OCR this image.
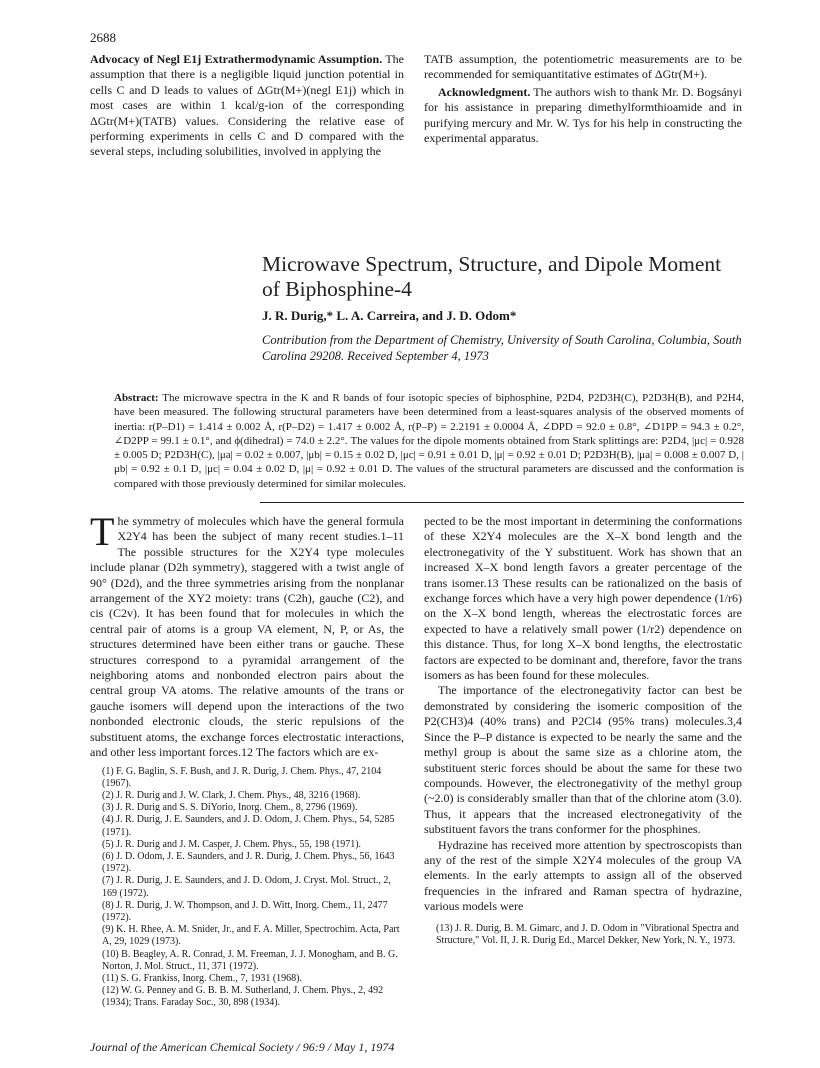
2688

Advocacy of Negl E1j Extrathermodynamic Assumption. The assumption that there is a negligible liquid junction potential in cells C and D leads to values of ΔGtr(M+)(negl E1j) which in most cases are within 1 kcal/g-ion of the corresponding ΔGtr(M+)(TATB) values. Considering the relative ease of performing experiments in cells C and D compared with the several steps, including solubilities, involved in applying the

TATB assumption, the potentiometric measurements are to be recommended for semiquantitative estimates of ΔGtr(M+).

Acknowledgment. The authors wish to thank Mr. D. Bogsányi for his assistance in preparing dimethylformthioamide and in purifying mercury and Mr. W. Tys for his help in constructing the experimental apparatus.

Microwave Spectrum, Structure, and Dipole Moment of Biphosphine-4
J. R. Durig,* L. A. Carreira, and J. D. Odom*
Contribution from the Department of Chemistry, University of South Carolina, Columbia, South Carolina 29208. Received September 4, 1973
Abstract: The microwave spectra in the K and R bands of four isotopic species of biphosphine, P2D4, P2D3H(C), P2D3H(B), and P2H4, have been measured. The following structural parameters have been determined from a least-squares analysis of the observed moments of inertia: r(P–D1) = 1.414 ± 0.002 Å, r(P–D2) = 1.417 ± 0.002 Å, r(P–P) = 2.2191 ± 0.0004 Å, ∠DPD = 92.0 ± 0.8°, ∠D1PP = 94.3 ± 0.2°, ∠D2PP = 99.1 ± 0.1°, and ϕ(dihedral) = 74.0 ± 2.2°. The values for the dipole moments obtained from Stark splittings are: P2D4, |μc| = 0.928 ± 0.005 D; P2D3H(C), |μa| = 0.02 ± 0.007, |μb| = 0.15 ± 0.02 D, |μc| = 0.91 ± 0.01 D, |μ| = 0.92 ± 0.01 D; P2D3H(B), |μa| = 0.008 ± 0.007 D, |μb| = 0.92 ± 0.1 D, |μc| = 0.04 ± 0.02 D, |μ| = 0.92 ± 0.01 D. The values of the structural parameters are discussed and the conformation is compared with those previously determined for similar molecules.
The symmetry of molecules which have the general formula X2Y4 has been the subject of many recent studies.1–11 The possible structures for the X2Y4 type molecules include planar (D2h symmetry), staggered with a twist angle of 90° (D2d), and the three symmetries arising from the nonplanar arrangement of the XY2 moiety: trans (C2h), gauche (C2), and cis (C2v). It has been found that for molecules in which the central pair of atoms is a group VA element, N, P, or As, the structures determined have been either trans or gauche. These structures correspond to a pyramidal arrangement of the neighboring atoms and nonbonded electron pairs about the central group VA atoms. The relative amounts of the trans or gauche isomers will depend upon the interactions of the two nonbonded electronic clouds, the steric repulsions of the substituent atoms, the exchange forces electrostatic interactions, and other less important forces.12 The factors which are ex-
(1) F. G. Baglin, S. F. Bush, and J. R. Durig, J. Chem. Phys., 47, 2104 (1967).
(2) J. R. Durig and J. W. Clark, J. Chem. Phys., 48, 3216 (1968).
(3) J. R. Durig and S. S. DiYorio, Inorg. Chem., 8, 2796 (1969).
(4) J. R. Durig, J. E. Saunders, and J. D. Odom, J. Chem. Phys., 54, 5285 (1971).
(5) J. R. Durig and J. M. Casper, J. Chem. Phys., 55, 198 (1971).
(6) J. D. Odom, J. E. Saunders, and J. R. Durig, J. Chem. Phys., 56, 1643 (1972).
(7) J. R. Durig, J. E. Saunders, and J. D. Odom, J. Cryst. Mol. Struct., 2, 169 (1972).
(8) J. R. Durig, J. W. Thompson, and J. D. Witt, Inorg. Chem., 11, 2477 (1972).
(9) K. H. Rhee, A. M. Snider, Jr., and F. A. Miller, Spectrochim. Acta, Part A, 29, 1029 (1973).
(10) B. Beagley, A. R. Conrad, J. M. Freeman, J. J. Monogham, and B. G. Norton, J. Mol. Struct., 11, 371 (1972).
(11) S. G. Frankiss, Inorg. Chem., 7, 1931 (1968).
(12) W. G. Penney and G. B. B. M. Sutherland, J. Chem. Phys., 2, 492 (1934); Trans. Faraday Soc., 30, 898 (1934).

pected to be the most important in determining the conformations of these X2Y4 molecules are the X–X bond length and the electronegativity of the Y substituent. Work has shown that an increased X–X bond length favors a greater percentage of the trans isomer.13 These results can be rationalized on the basis of exchange forces which have a very high power dependence (1/r6) on the X–X bond length, whereas the electrostatic forces are expected to have a relatively small power (1/r2) dependence on this distance. Thus, for long X–X bond lengths, the electrostatic factors are expected to be dominant and, therefore, favor the trans isomers as has been found for these molecules.

The importance of the electronegativity factor can best be demonstrated by considering the isomeric composition of the P2(CH3)4 (40% trans) and P2Cl4 (95% trans) molecules.3,4 Since the P–P distance is expected to be nearly the same and the methyl group is about the same size as a chlorine atom, the substituent steric forces should be about the same for these two compounds. However, the electronegativity of the methyl group (~2.0) is considerably smaller than that of the chlorine atom (3.0). Thus, it appears that the increased electronegativity of the substituent favors the trans conformer for the phosphines.

Hydrazine has received more attention by spectroscopists than any of the rest of the simple X2Y4 molecules of the group VA elements. In the early attempts to assign all of the observed frequencies in the infrared and Raman spectra of hydrazine, various models were

(13) J. R. Durig, B. M. Gimarc, and J. D. Odom in "Vibrational Spectra and Structure," Vol. II, J. R. Durig Ed., Marcel Dekker, New York, N. Y., 1973.
Journal of the American Chemical Society / 96:9 / May 1, 1974
